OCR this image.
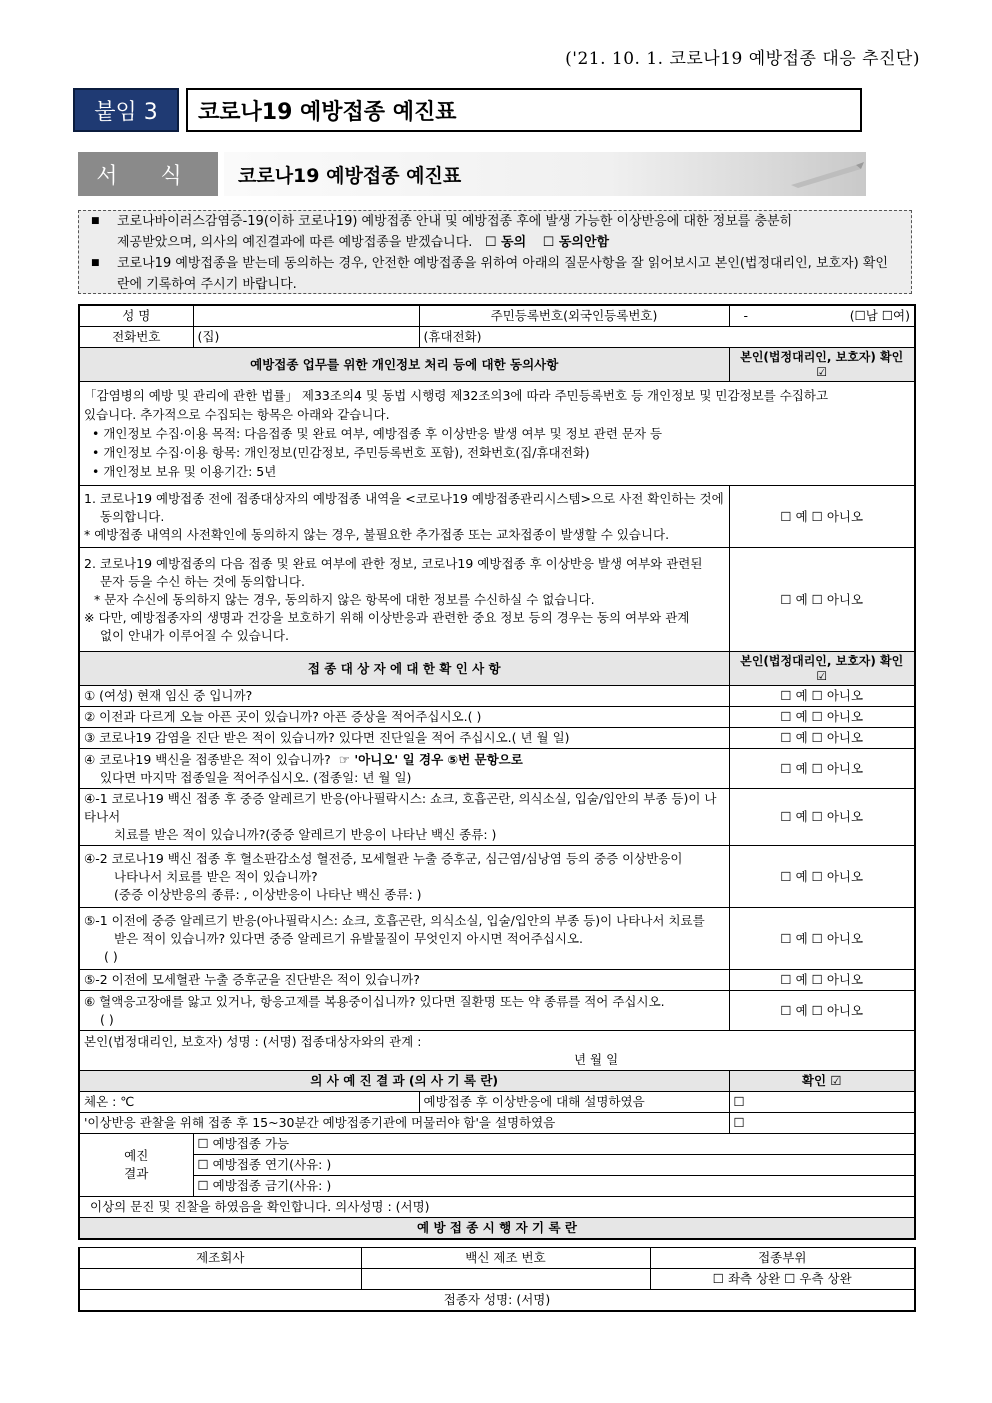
('21. 10. 1. 코로나19 예방접종 대응 추진단)
붙임 3	코로나19 예방접종 예진표
서 식	코로나19 예방접종 예진표
■ 코로나바이러스감염증-19(이하 코로나19) 예방접종 안내 및 예방접종 후에 발생 가능한 이상반응에 대한 정보를 충분히
제공받았으며, 의사의 예진결과에 따른 예방접종을 받겠습니다. ☐ 동의 ☐ 동의안함
■ 코로나19 예방접종을 받는데 동의하는 경우, 안전한 예방접종을 위하여 아래의 질문사항을 잘 읽어보시고 본인(법정대리인, 보호자) 확인란에 기록하여 주시기 바랍니다.
성 명		주민등록번호(외국인등록번호)	- (☐남 ☐여)

전화번호	(집)	(휴대전화)	
예방접종 업무를 위한 개인정보 처리 등에 대한 동의사항			본인(법정대리인, 보호자) 확인 ☑

「감염병의 예방 및 관리에 관한 법률」 제33조의4 및 동법 시행령 제32조의3에 따라 주민등록번호 등 개인정보 및 민감정보를 수집하고
있습니다. 추가적으로 수집되는 항목은 아래와 같습니다.
• 개인정보 수집·이용 목적: 다음접종 및 완료 여부, 예방접종 후 이상반응 발생 여부 및 정보 관련 문자 등
• 개인정보 수집·이용 항목: 개인정보(민감정보, 주민등록번호 포함), 전화번호(집/휴대전화)
• 개인정보 보유 및 이용기간: 5년			

1. 코로나19 예방접종 전에 접종대상자의 예방접종 내역을 <코로나19 예방접종관리시스템>으로 사전 확인하는 것에
동의합니다.
* 예방접종 내역의 사전확인에 동의하지 않는 경우, 불필요한 추가접종 또는 교차접종이 발생할 수 있습니다.			☐ 예 ☐ 아니오

2. 코로나19 예방접종의 다음 접종 및 완료 여부에 관한 정보, 코로나19 예방접종 후 이상반응 발생 여부와 관련된
문자 등을 수신 하는 것에 동의합니다.
* 문자 수신에 동의하지 않는 경우, 동의하지 않은 항목에 대한 정보를 수신하실 수 없습니다.
※ 다만, 예방접종자의 생명과 건강을 보호하기 위해 이상반응과 관련한 중요 정보 등의 경우는 동의 여부와 관계
없이 안내가 이루어질 수 있습니다.			☐ 예 ☐ 아니오
접 종 대 상 자 에 대 한 확 인 사 항			본인(법정대리인, 보호자) 확인 ☑
① (여성) 현재 임신 중 입니까?			☐ 예 ☐ 아니오
② 이전과 다르게 오늘 아픈 곳이 있습니까? 아픈 증상을 적어주십시오.( )			☐ 예 ☐ 아니오
③ 코로나19 감염을 진단 받은 적이 있습니까? 있다면 진단일을 적어 주십시오.( 년 월 일)			☐ 예 ☐ 아니오

④ 코로나19 백신을 접종받은 적이 있습니까? ☞ '아니오' 일 경우 ⑤번 문항으로
있다면 마지막 접종일을 적어주십시오. (접종일: 년 월 일)			☐ 예 ☐ 아니오

④-1 코로나19 백신 접종 후 중증 알레르기 반응(아나필락시스: 쇼크, 호흡곤란, 의식소실, 입술/입안의 부종 등)이 나타나서
치료를 받은 적이 있습니까?(중증 알레르기 반응이 나타난 백신 종류: )			☐ 예 ☐ 아니오

④-2 코로나19 백신 접종 후 혈소판감소성 혈전증, 모세혈관 누출 증후군, 심근염/심낭염 등의 중증 이상반응이
나타나서 치료를 받은 적이 있습니까?
(중증 이상반응의 종류: , 이상반응이 나타난 백신 종류: )			☐ 예 ☐ 아니오

⑤-1 이전에 중증 알레르기 반응(아나필락시스: 쇼크, 호흡곤란, 의식소실, 입술/입안의 부종 등)이 나타나서 치료를
받은 적이 있습니까? 있다면 중증 알레르기 유발물질이 무엇인지 아시면 적어주십시오.
( )			☐ 예 ☐ 아니오
⑤-2 이전에 모세혈관 누출 증후군을 진단받은 적이 있습니까?			☐ 예 ☐ 아니오

⑥ 혈액응고장애를 앓고 있거나, 항응고제를 복용중이십니까? 있다면 질환명 또는 약 종류를 적어 주십시오.
( )			☐ 예 ☐ 아니오

본인(법정대리인, 보호자) 성명 : (서명) 접종대상자와의 관계 :
년 월 일			

의 사 예 진 결 과 (의 사 기 록 란)			확인 ☑
체온 : ℃		예방접종 후 이상반응에 대해 설명하였음	☐
'이상반응 관찰을 위해 접종 후 15~30분간 예방접종기관에 머물러야 함'을 설명하였음			☐

예진
결과	☐ 예방접종 가능		
	☐ 예방접종 연기(사유: )		
	☐ 예방접종 금기(사유: )		
이상의 문진 및 진찰을 하였음을 확인합니다. 의사성명 : (서명)			
예 방 접 종 시 행 자 기 록 란			
제조회사	백신 제조 번호	접종부위
		☐ 좌측 상완 ☐ 우측 상완
접종자 성명: (서명)		
